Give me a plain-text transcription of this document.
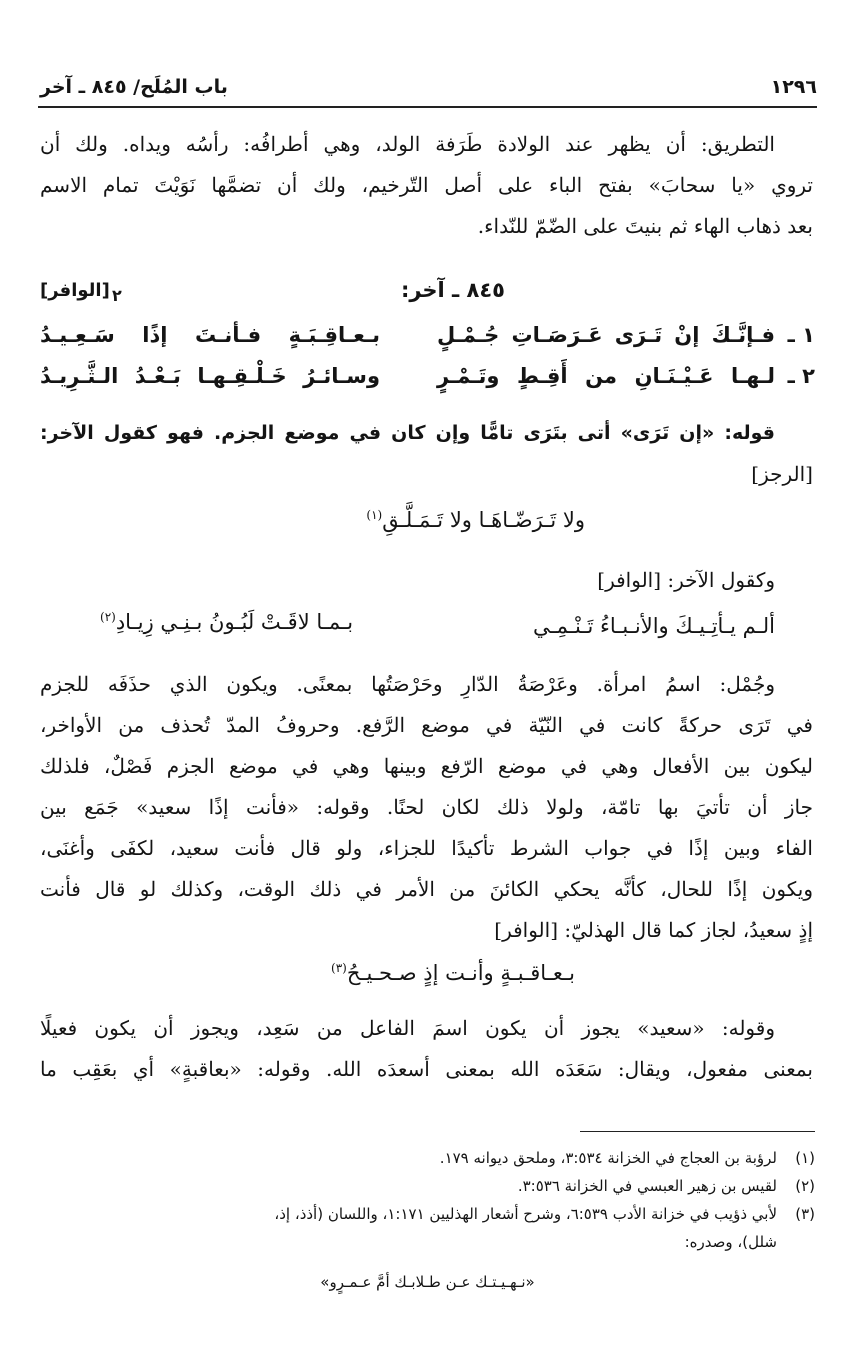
١٢٩٦
باب المُلَح/ ٨٤٥ ـ آخر
التطريق: أن يظهر عند الولادة طَرَفة الولد، وهي أطرافُه: رأسُه ويداه. ولك أن
تروي «يا سحابَ» بفتح الباء على أصل التّرخيم، ولك أن تضمَّها نَوَيْتَ تمام الاسم
بعد ذهاب الهاء ثم بنيتَ على الضّمّ للنّداء.
٨٤٥ ـ آخر:
٢
[الوافر]
١ ـ
فـإنَّـكَ إنْ تَـرَى عَـرَصَـاتِ جُـمْـلٍ
بـعـاقِـبَـةٍ فـأنـتَ إذًا سَـعِـيـدُ
٢ ـ
لـهـا عَـيْـنَـانِ من أَقِـطٍ وتَـمْـرٍ
وسـائـرُ خَـلْـقِـهـا بَـعْـدُ الـثَّـرِيـدُ
قوله: «إن تَرَى» أتى بتَرَى تامًّا وإن كان في موضع الجزم. فهو كقول الآخر:
[الرجز]
ولا تَـرَضّـاهَـا ولا تَـمَـلَّـقِ$^{(١)}$
وكقول الآخر: [الوافر]
ألـم يـأتِـيـكَ والأنـبـاءُ تَـنْـمِـي
بـمـا لاقَـتْ لَبُـونُ بـنِـي زِيـادِ$^{(٢)}$
وجُمْل: اسمُ امرأة. وعَرْصَةُ الدّارِ وحَرْصَتُها بمعنًى. ويكون الذي حذَفَه للجزم
في تَرَى حركةً كانت في النّيّة في موضع الرَّفع. وحروفُ المدّ تُحذف من الأواخر،
ليكون بين الأفعال وهي في موضع الرّفع وبينها وهي في موضع الجزم فَصْلٌ، فلذلك
جاز أن تأتيَ بها تامّة، ولولا ذلك لكان لحنًا. وقوله: «فأنت إذًا سعيد» جَمَع بين
الفاء وبين إذًا في جواب الشرط تأكيدًا للجزاء، ولو قال فأنت سعيد، لكفَى وأغنَى،
ويكون إذًا للحال، كأنَّه يحكي الكائنَ من الأمر في ذلك الوقت، وكذلك لو قال فأنت
إذٍ سعيدُ، لجاز كما قال الهذليّ: [الوافر]
بـعـاقـبـةٍ وأنـت إذٍ صـحـيـحُ$^{(٣)}$
وقوله: «سعيد» يجوز أن يكون اسمَ الفاعل من سَعِد، ويجوز أن يكون فعيلًا
بمعنى مفعول، ويقال: سَعَدَه الله بمعنى أسعدَه الله. وقوله: «بعاقبةٍ» أي بعَقِب ما
(١)لرؤبة بن العجاج في الخزانة ٣:٥٣٤، وملحق ديوانه ١٧٩.
(٢)لقيس بن زهير العبسي في الخزانة ٣:٥٣٦.
(٣)لأبي ذؤيب في خزانة الأدب ٦:٥٣٩، وشرح أشعار الهذليين ١:١٧١، واللسان (أذذ، إذ،
شلل)، وصدره:
«نـهـيـتـك عـن طـلابـك أمَّ عـمـرٍو»
